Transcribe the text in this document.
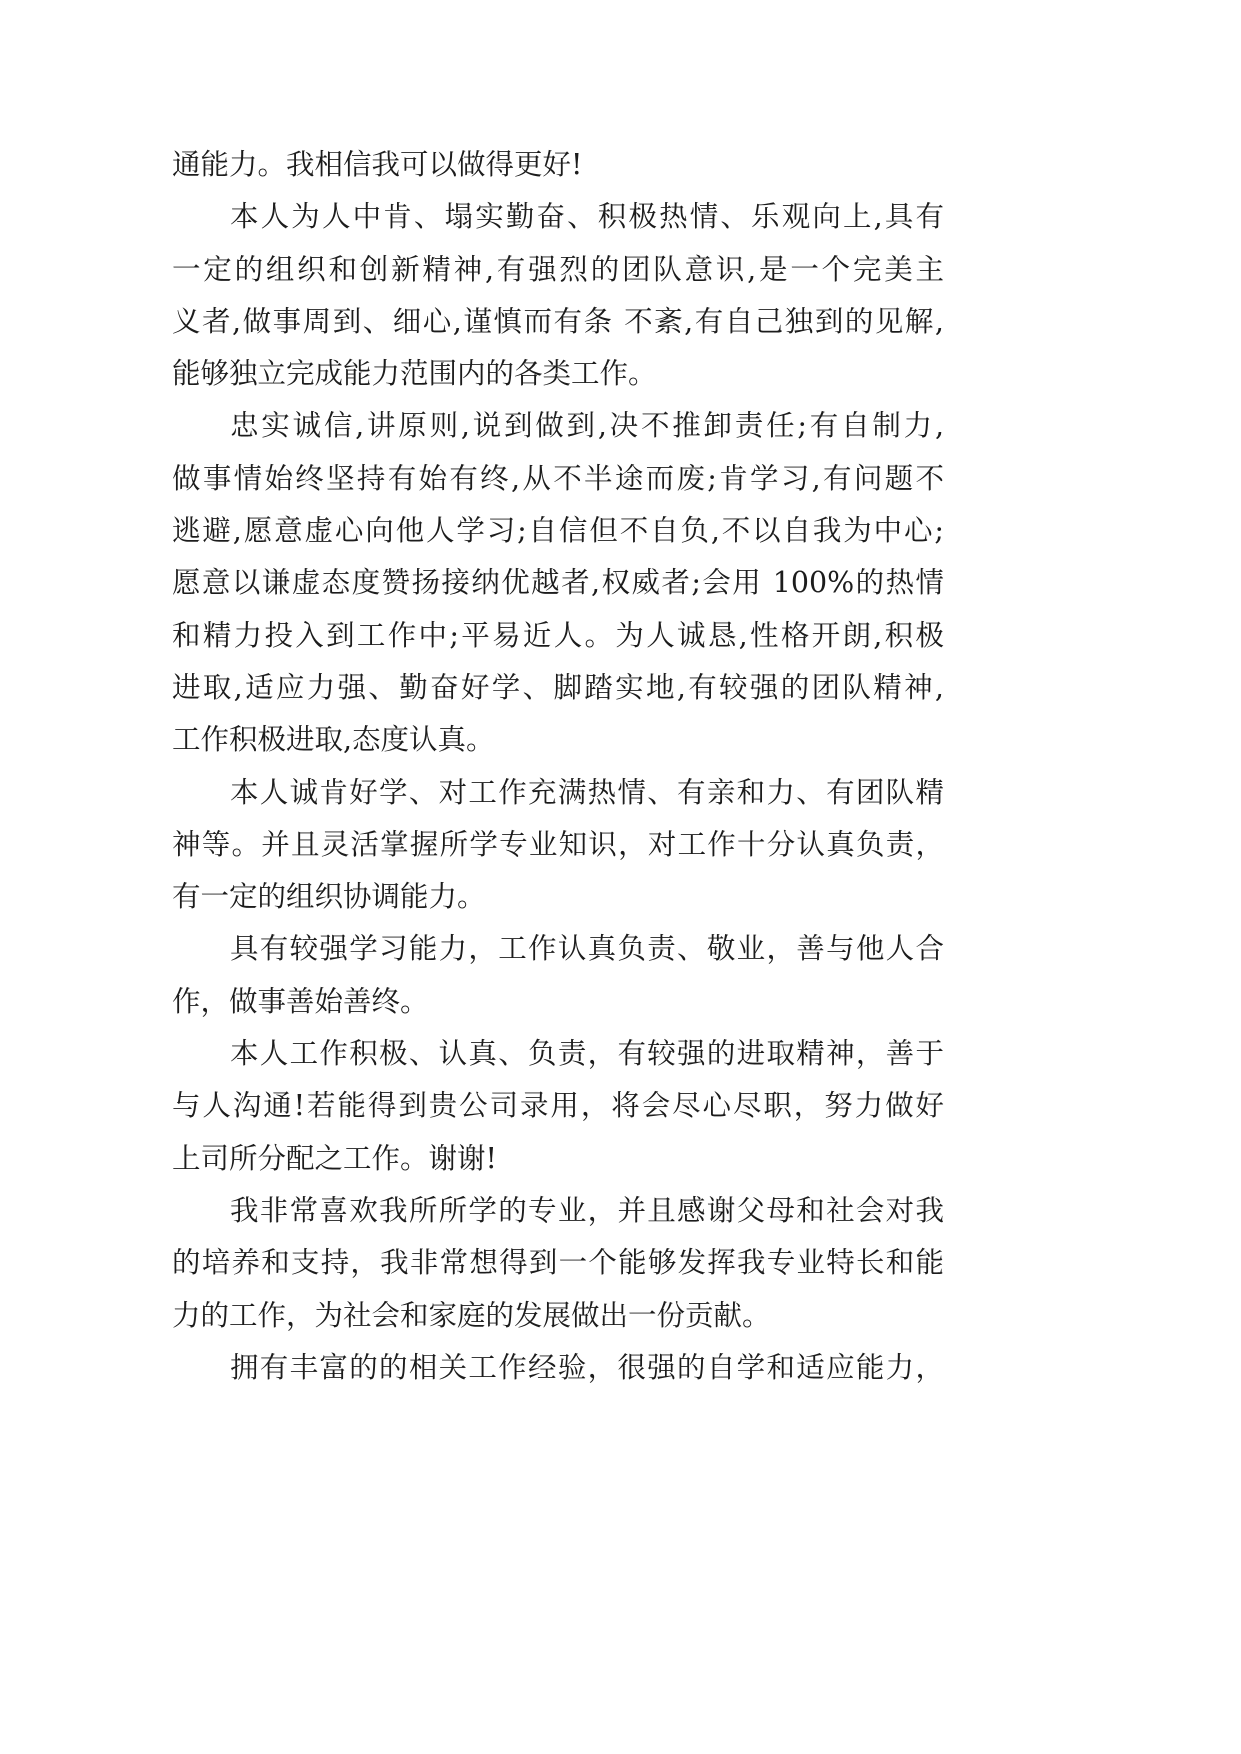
通能力。我相信我可以做得更好!
本人为人中肯、塌实勤奋、积极热情、乐观向上,具有
一定的组织和创新精神,有强烈的团队意识,是一个完美主
义者,做事周到、细心,谨慎而有条 不紊,有自己独到的见解,
能够独立完成能力范围内的各类工作。
忠实诚信,讲原则,说到做到,决不推卸责任;有自制力,
做事情始终坚持有始有终,从不半途而废;肯学习,有问题不
逃避,愿意虚心向他人学习;自信但不自负,不以自我为中心;
愿意以谦虚态度赞扬接纳优越者,权威者;会用 100%的热情
和精力投入到工作中;平易近人。为人诚恳,性格开朗,积极
进取,适应力强、勤奋好学、脚踏实地,有较强的团队精神,
工作积极进取,态度认真。
本人诚肯好学、对工作充满热情、有亲和力、有团队精
神等。并且灵活掌握所学专业知识，对工作十分认真负责，
有一定的组织协调能力。
具有较强学习能力，工作认真负责、敬业，善与他人合
作，做事善始善终。
本人工作积极、认真、负责，有较强的进取精神，善于
与人沟通!若能得到贵公司录用，将会尽心尽职，努力做好
上司所分配之工作。谢谢!
我非常喜欢我所所学的专业，并且感谢父母和社会对我
的培养和支持，我非常想得到一个能够发挥我专业特长和能
力的工作，为社会和家庭的发展做出一份贡献。
拥有丰富的的相关工作经验，很强的自学和适应能力，
